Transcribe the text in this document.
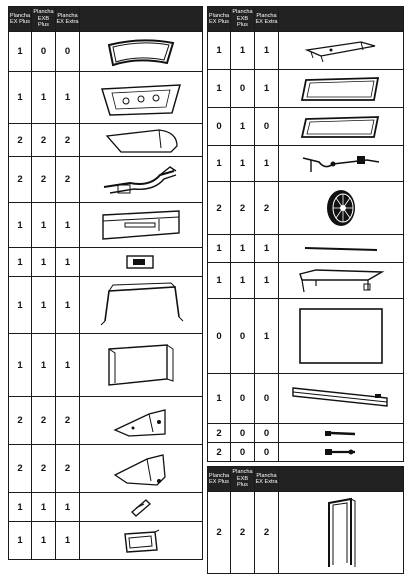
Plancha EX Plus	Plancha EXB Plus	Plancha EX Extra	
1	0	0	

1	1	1	

2	2	2	

2	2	2	

1	1	1	

1	1	1	

1	1	1	

1	1	1	

2	2	2	

2	2	2	

1	1	1	

1	1	1	
Plancha EX Plus	Plancha EXB Plus	Plancha EX Extra	
1	1	1	

1	0	1	

0	1	0	

1	1	1	

2	2	2	

1	1	1	

1	1	1	

0	0	1	

1	0	0	

2	0	0	

2	0	0	
Plancha EX Plus	Plancha EXB Plus	Plancha EX Extra	
2	2	2	
